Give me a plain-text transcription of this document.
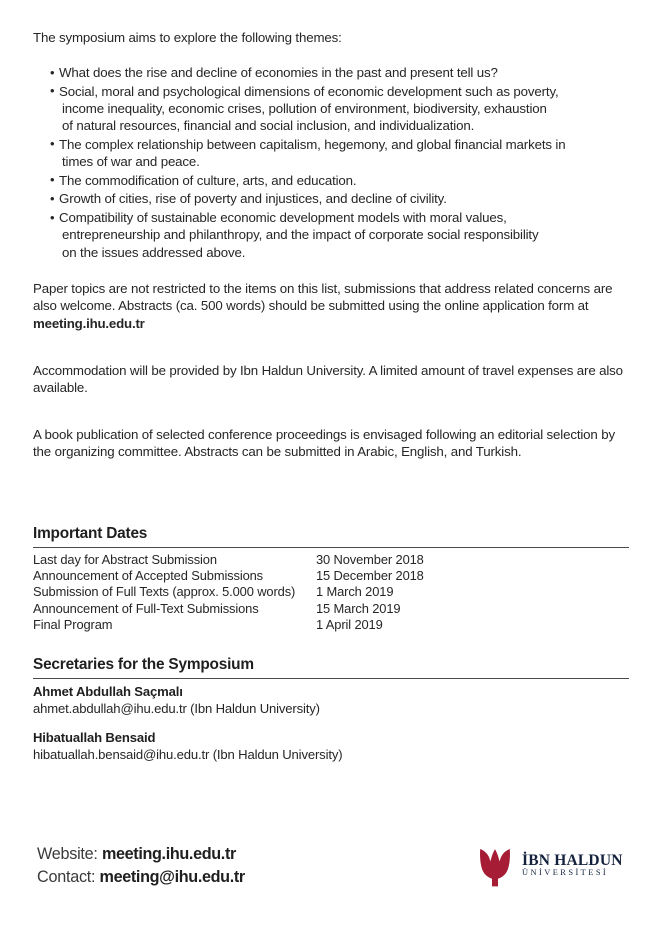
The symposium aims to explore the following themes:

• What does the rise and decline of economies in the past and present tell us?
• Social, moral and psychological dimensions of economic development such as poverty,
income inequality, economic crises, pollution of environment, biodiversity, exhaustion
of natural resources, financial and social inclusion, and individualization.
• The complex relationship between capitalism, hegemony, and global financial markets in
times of war and peace.
• The commodification of culture, arts, and education.
• Growth of cities, rise of poverty and injustices, and decline of civility.
• Compatibility of sustainable economic development models with moral values,
entrepreneurship and philanthropy, and the impact of corporate social responsibility
on the issues addressed above.

Paper topics are not restricted to the items on this list, submissions that address related concerns are also welcome. Abstracts (ca. 500 words) should be submitted using the online application form at
meeting.ihu.edu.tr

Accommodation will be provided by Ibn Haldun University. A limited amount of travel expenses are also available.

A book publication of selected conference proceedings is envisaged following an editorial selection by the organizing committee. Abstracts can be submitted in Arabic, English, and Turkish.

Important Dates
Last day for Abstract Submission	30 November 2018
Announcement of Accepted Submissions	15 December 2018
Submission of Full Texts (approx. 5.000 words)	1 March 2019
Announcement of Full-Text Submissions	15 March 2019
Final Program	1 April 2019
Secretaries for the Symposium
Ahmet Abdullah Saçmalı
ahmet.abdullah@ihu.edu.tr (Ibn Haldun University)
Hibatuallah Bensaid
hibatuallah.bensaid@ihu.edu.tr (Ibn Haldun University)
Website: meeting.ihu.edu.tr
Contact: meeting@ihu.edu.tr
İBN HALDUN
ÜNİVERSİTESİ
